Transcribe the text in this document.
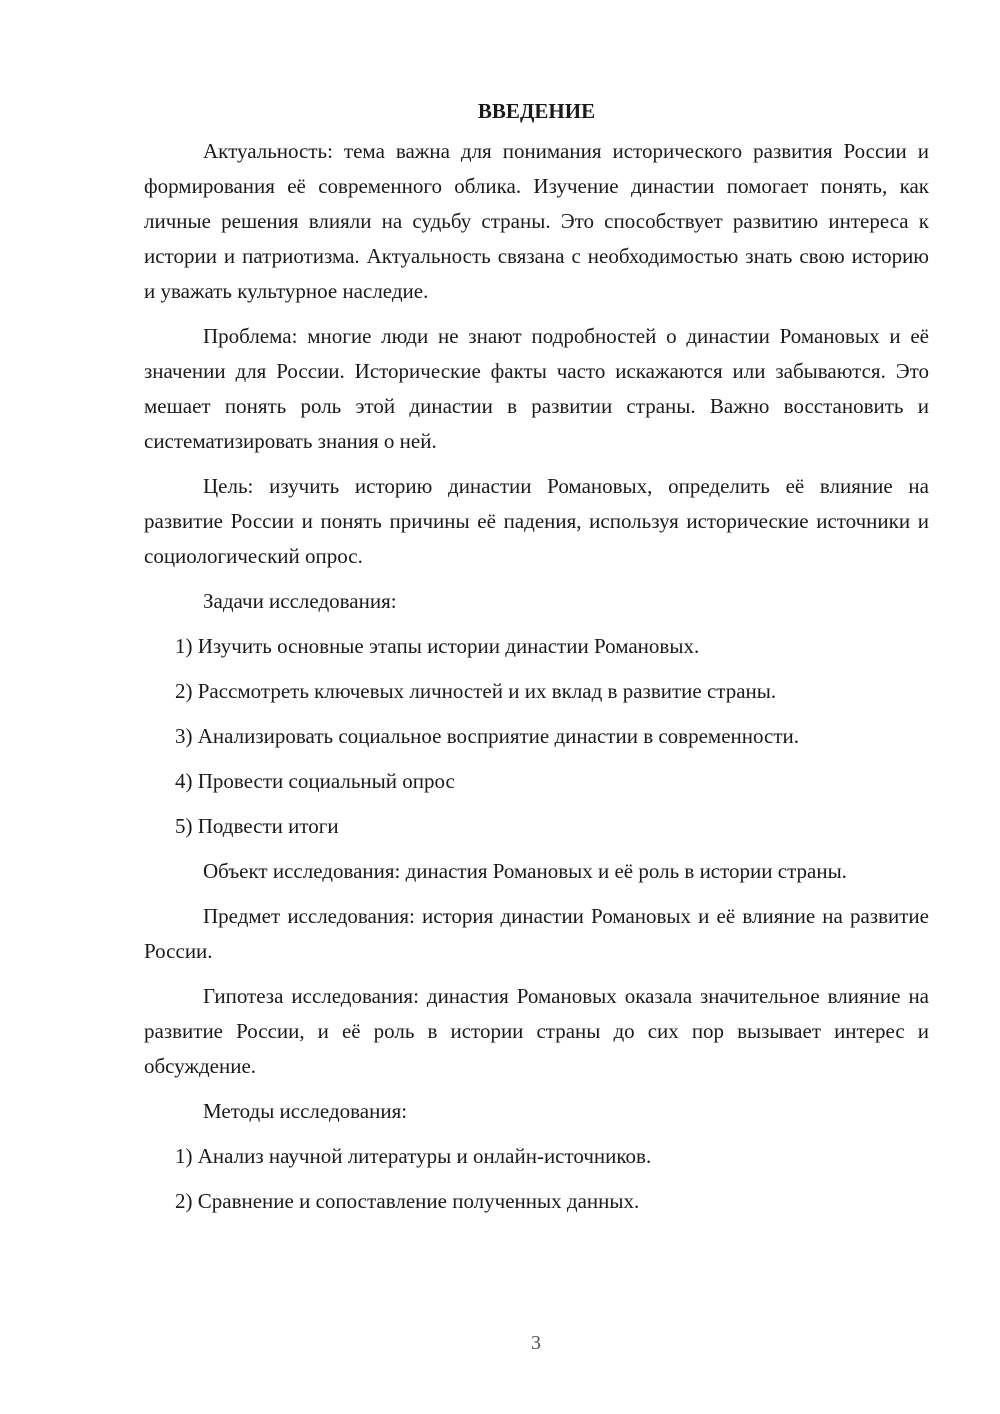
ВВЕДЕНИЕ

Актуальность: тема важна для понимания исторического развития России и формирования её современного облика. Изучение династии помогает понять, как личные решения влияли на судьбу страны. Это способствует развитию интереса к истории и патриотизма. Актуальность связана с необходимостью знать свою историю и уважать культурное наследие.

Проблема: многие люди не знают подробностей о династии Романовых и её значении для России. Исторические факты часто искажаются или забываются. Это мешает понять роль этой династии в развитии страны. Важно восстановить и систематизировать знания о ней.

Цель: изучить историю династии Романовых, определить её влияние на развитие России и понять причины её падения, используя исторические источники и социологический опрос.

Задачи исследования:

1) Изучить основные этапы истории династии Романовых.

2) Рассмотреть ключевых личностей и их вклад в развитие страны.

3) Анализировать социальное восприятие династии в современности.

4) Провести социальный опрос

5) Подвести итоги

Объект исследования: династия Романовых и её роль в истории страны.

Предмет исследования: история династии Романовых и её влияние на развитие России.

Гипотеза исследования: династия Романовых оказала значительное влияние на развитие России, и её роль в истории страны до сих пор вызывает интерес и обсуждение.

Методы исследования:

1) Анализ научной литературы и онлайн-источников.

2) Сравнение и сопоставление полученных данных.

3
